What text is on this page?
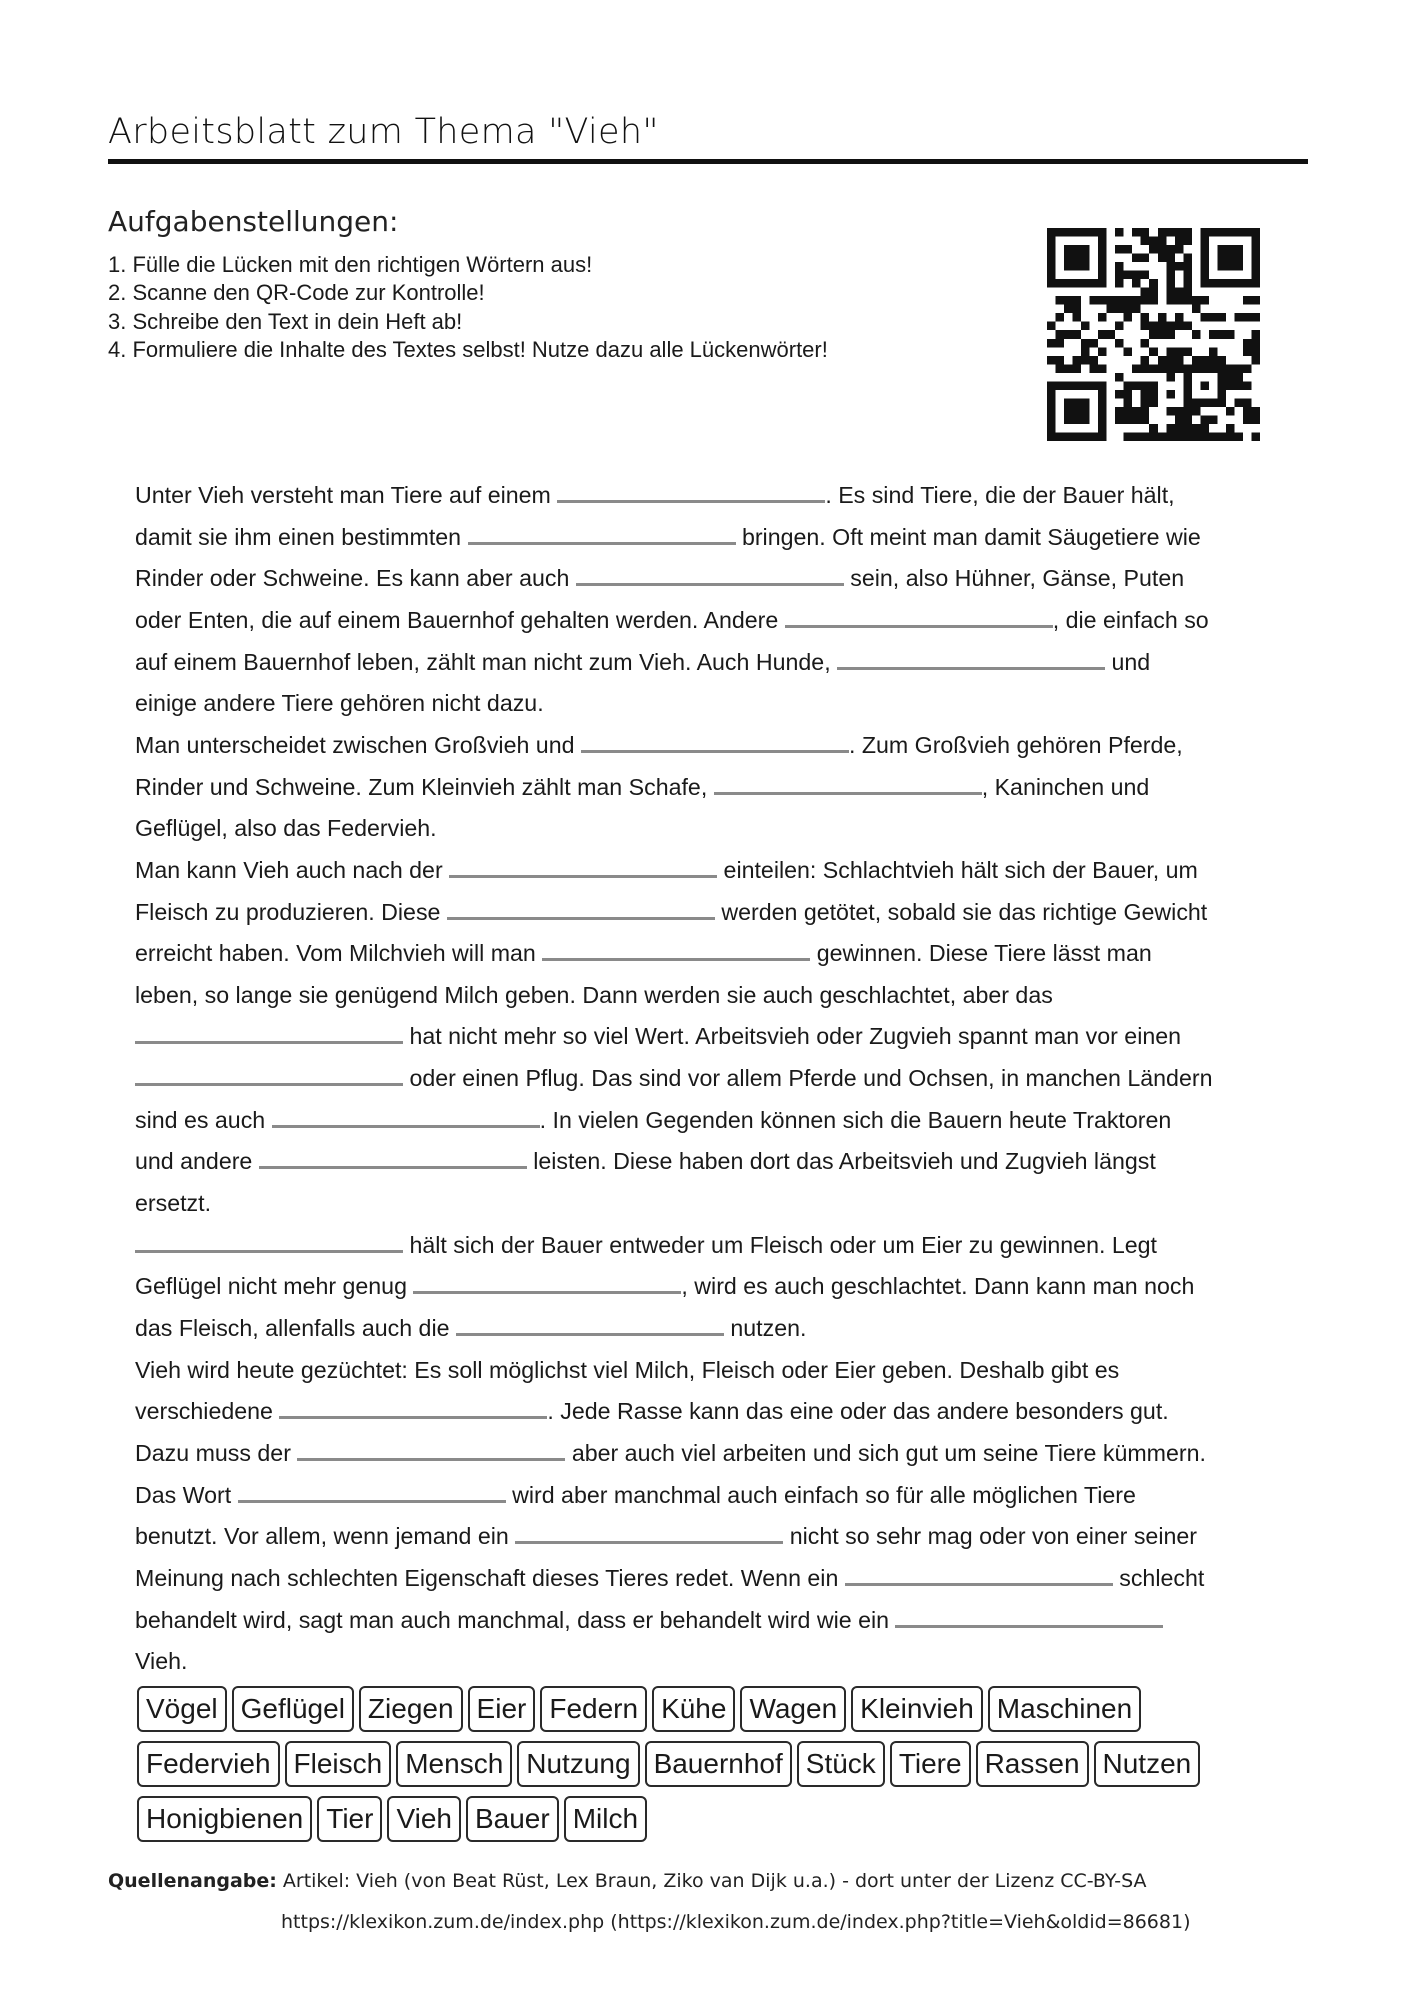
Arbeitsblatt zum Thema "Vieh"
Aufgabenstellungen:
1. Fülle die Lücken mit den richtigen Wörtern aus!
2. Scanne den QR-Code zur Kontrolle!
3. Schreibe den Text in dein Heft ab!
4. Formuliere die Inhalte des Textes selbst! Nutze dazu alle Lückenwörter!
Unter Vieh versteht man Tiere auf einem	. Es sind Tiere, die der Bauer hält,
damit sie ihm einen bestimmten	bringen. Oft meint man damit Säugetiere wie
Rinder oder Schweine. Es kann aber auch	sein, also Hühner, Gänse, Puten
oder Enten, die auf einem Bauernhof gehalten werden. Andere	, die einfach so
auf einem Bauernhof leben, zählt man nicht zum Vieh. Auch Hunde,	und
einige andere Tiere gehören nicht dazu.
Man unterscheidet zwischen Großvieh und	. Zum Großvieh gehören Pferde,
Rinder und Schweine. Zum Kleinvieh zählt man Schafe,	, Kaninchen und
Geflügel, also das Federvieh.
Man kann Vieh auch nach der	einteilen: Schlachtvieh hält sich der Bauer, um
Fleisch zu produzieren. Diese	werden getötet, sobald sie das richtige Gewicht
erreicht haben. Vom Milchvieh will man	gewinnen. Diese Tiere lässt man
leben, so lange sie genügend Milch geben. Dann werden sie auch geschlachtet, aber das
hat nicht mehr so viel Wert. Arbeitsvieh oder Zugvieh spannt man vor einen
oder einen Pflug. Das sind vor allem Pferde und Ochsen, in manchen Ländern
sind es auch	. In vielen Gegenden können sich die Bauern heute Traktoren
und andere	leisten. Diese haben dort das Arbeitsvieh und Zugvieh längst
ersetzt.
hält sich der Bauer entweder um Fleisch oder um Eier zu gewinnen. Legt
Geflügel nicht mehr genug	, wird es auch geschlachtet. Dann kann man noch
das Fleisch, allenfalls auch die	nutzen.
Vieh wird heute gezüchtet: Es soll möglichst viel Milch, Fleisch oder Eier geben. Deshalb gibt es
verschiedene	. Jede Rasse kann das eine oder das andere besonders gut.
Dazu muss der	aber auch viel arbeiten und sich gut um seine Tiere kümmern.
Das Wort	wird aber manchmal auch einfach so für alle möglichen Tiere
benutzt. Vor allem, wenn jemand ein	nicht so sehr mag oder von einer seiner
Meinung nach schlechten Eigenschaft dieses Tieres redet. Wenn ein	schlecht
behandelt wird, sagt man auch manchmal, dass er behandelt wird wie ein
Vieh.
Vögel Geflügel Ziegen Eier Federn Kühe Wagen Kleinvieh MaschinenFedervieh Fleisch Mensch Nutzung Bauernhof Stück Tiere Rassen NutzenHonigbienen Tier Vieh Bauer Milch
Quellenangabe: Artikel: Vieh (von Beat Rüst, Lex Braun, Ziko van Dijk u.a.) - dort unter der Lizenz CC-BY-SA
https://klexikon.zum.de/index.php (https://klexikon.zum.de/index.php?title=Vieh&oldid=86681)
